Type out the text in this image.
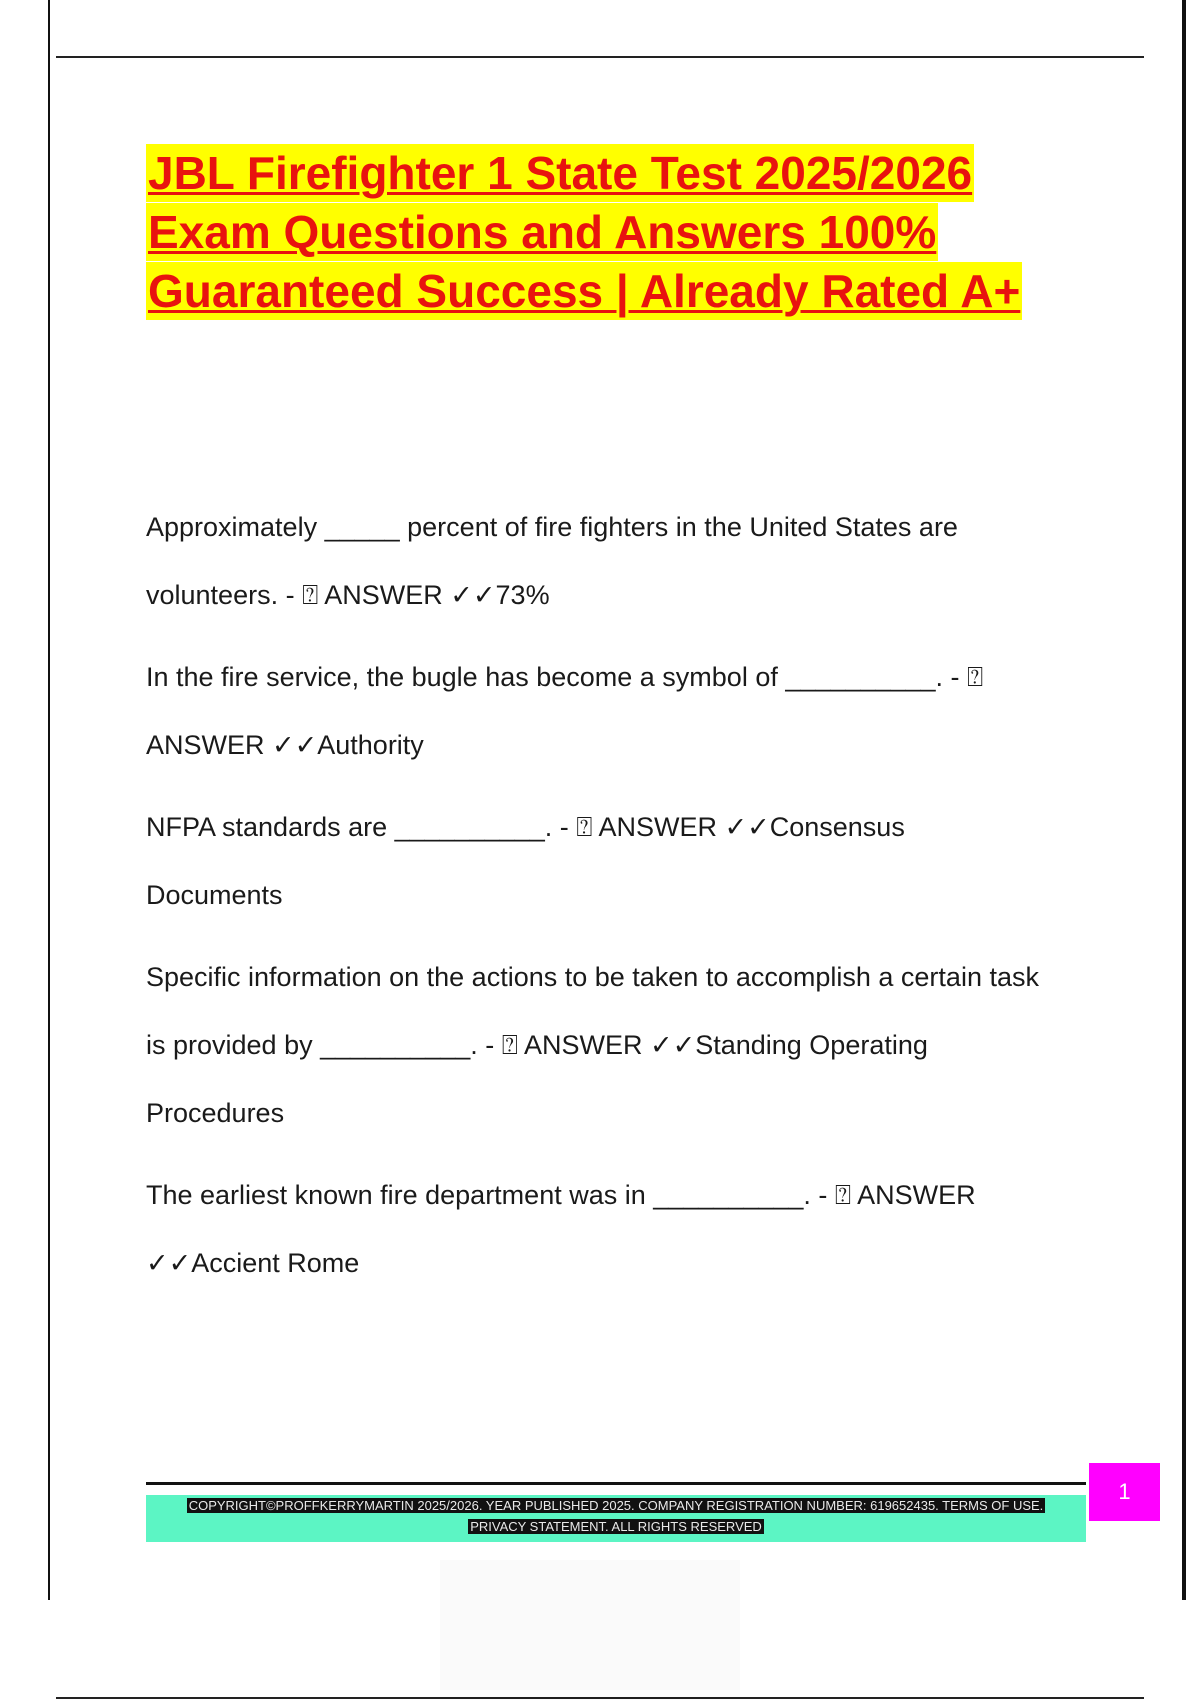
JBL Firefighter 1 State Test 2025/2026
Exam Questions and Answers 100%
Guaranteed Success | Already Rated A+
Approximately _____ percent of fire fighters in the United States are
volunteers. - ⍰ ANSWER ✓✓73%
In the fire service, the bugle has become a symbol of __________. - ⍰
ANSWER ✓✓Authority
NFPA standards are __________. - ⍰ ANSWER ✓✓Consensus
Documents
Specific information on the actions to be taken to accomplish a certain task
is provided by __________. - ⍰ ANSWER ✓✓Standing Operating
Procedures
The earliest known fire department was in __________. - ⍰ ANSWER
✓✓Accient Rome
COPYRIGHT©PROFFKERRYMARTIN 2025/2026. YEAR PUBLISHED 2025. COMPANY REGISTRATION NUMBER: 619652435. TERMS OF USE.
PRIVACY STATEMENT. ALL RIGHTS RESERVED
1
